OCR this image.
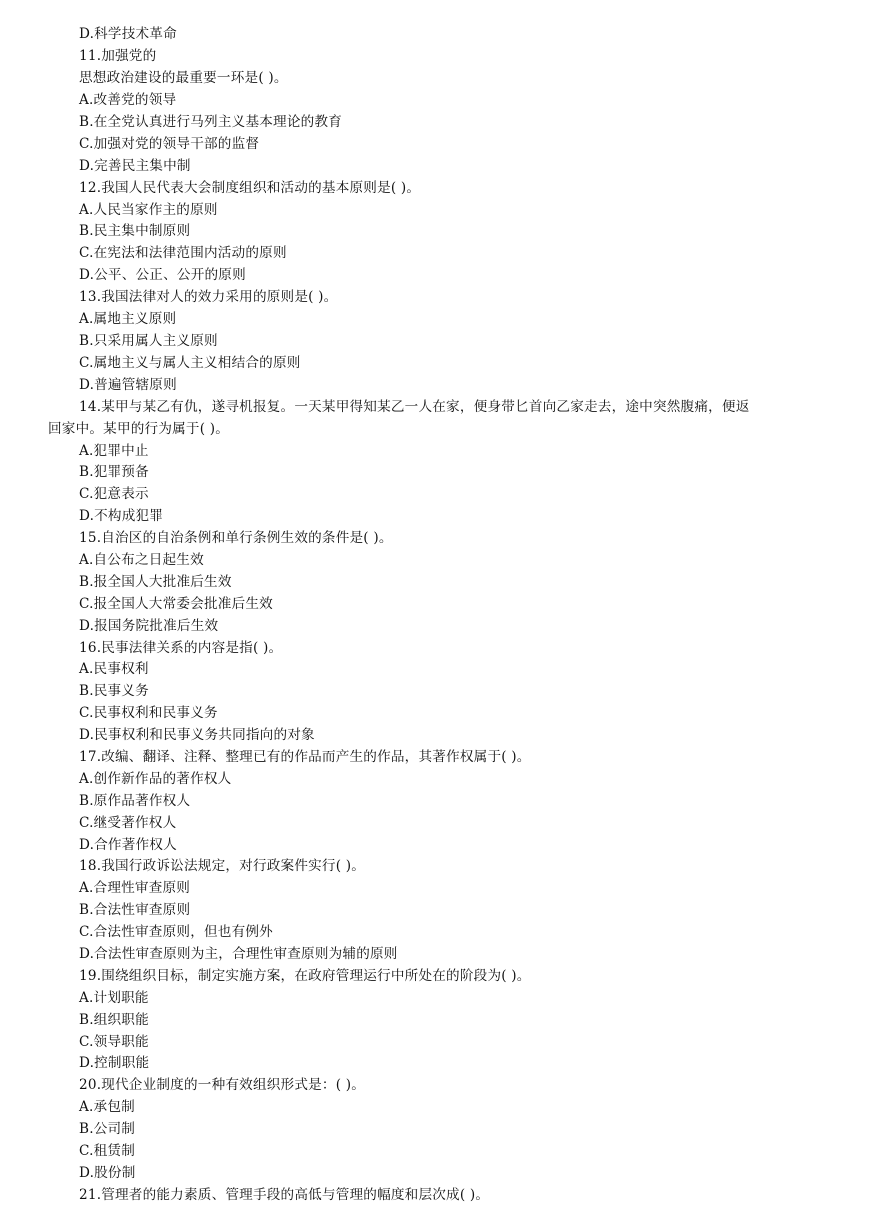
D.科学技术革命
11.加强党的
思想政治建设的最重要一环是( )。
A.改善党的领导
B.在全党认真进行马列主义基本理论的教育
C.加强对党的领导干部的监督
D.完善民主集中制
12.我国人民代表大会制度组织和活动的基本原则是( )。
A.人民当家作主的原则
B.民主集中制原则
C.在宪法和法律范围内活动的原则
D.公平、公正、公开的原则
13.我国法律对人的效力采用的原则是( )。
A.属地主义原则
B.只采用属人主义原则
C.属地主义与属人主义相结合的原则
D.普遍管辖原则
14.某甲与某乙有仇，遂寻机报复。一天某甲得知某乙一人在家，便身带匕首向乙家走去，途中突然腹痛，便返
回家中。某甲的行为属于( )。
A.犯罪中止
B.犯罪预备
C.犯意表示
D.不构成犯罪
15.自治区的自治条例和单行条例生效的条件是( )。
A.自公布之日起生效
B.报全国人大批准后生效
C.报全国人大常委会批准后生效
D.报国务院批准后生效
16.民事法律关系的内容是指( )。
A.民事权利
B.民事义务
C.民事权利和民事义务
D.民事权利和民事义务共同指向的对象
17.改编、翻译、注释、整理已有的作品而产生的作品，其著作权属于( )。
A.创作新作品的著作权人
B.原作品著作权人
C.继受著作权人
D.合作著作权人
18.我国行政诉讼法规定，对行政案件实行( )。
A.合理性审查原则
B.合法性审查原则
C.合法性审查原则，但也有例外
D.合法性审查原则为主，合理性审查原则为辅的原则
19.围绕组织目标，制定实施方案，在政府管理运行中所处在的阶段为( )。
A.计划职能
B.组织职能
C.领导职能
D.控制职能
20.现代企业制度的一种有效组织形式是：( )。
A.承包制
B.公司制
C.租赁制
D.股份制
21.管理者的能力素质、管理手段的高低与管理的幅度和层次成( )。
